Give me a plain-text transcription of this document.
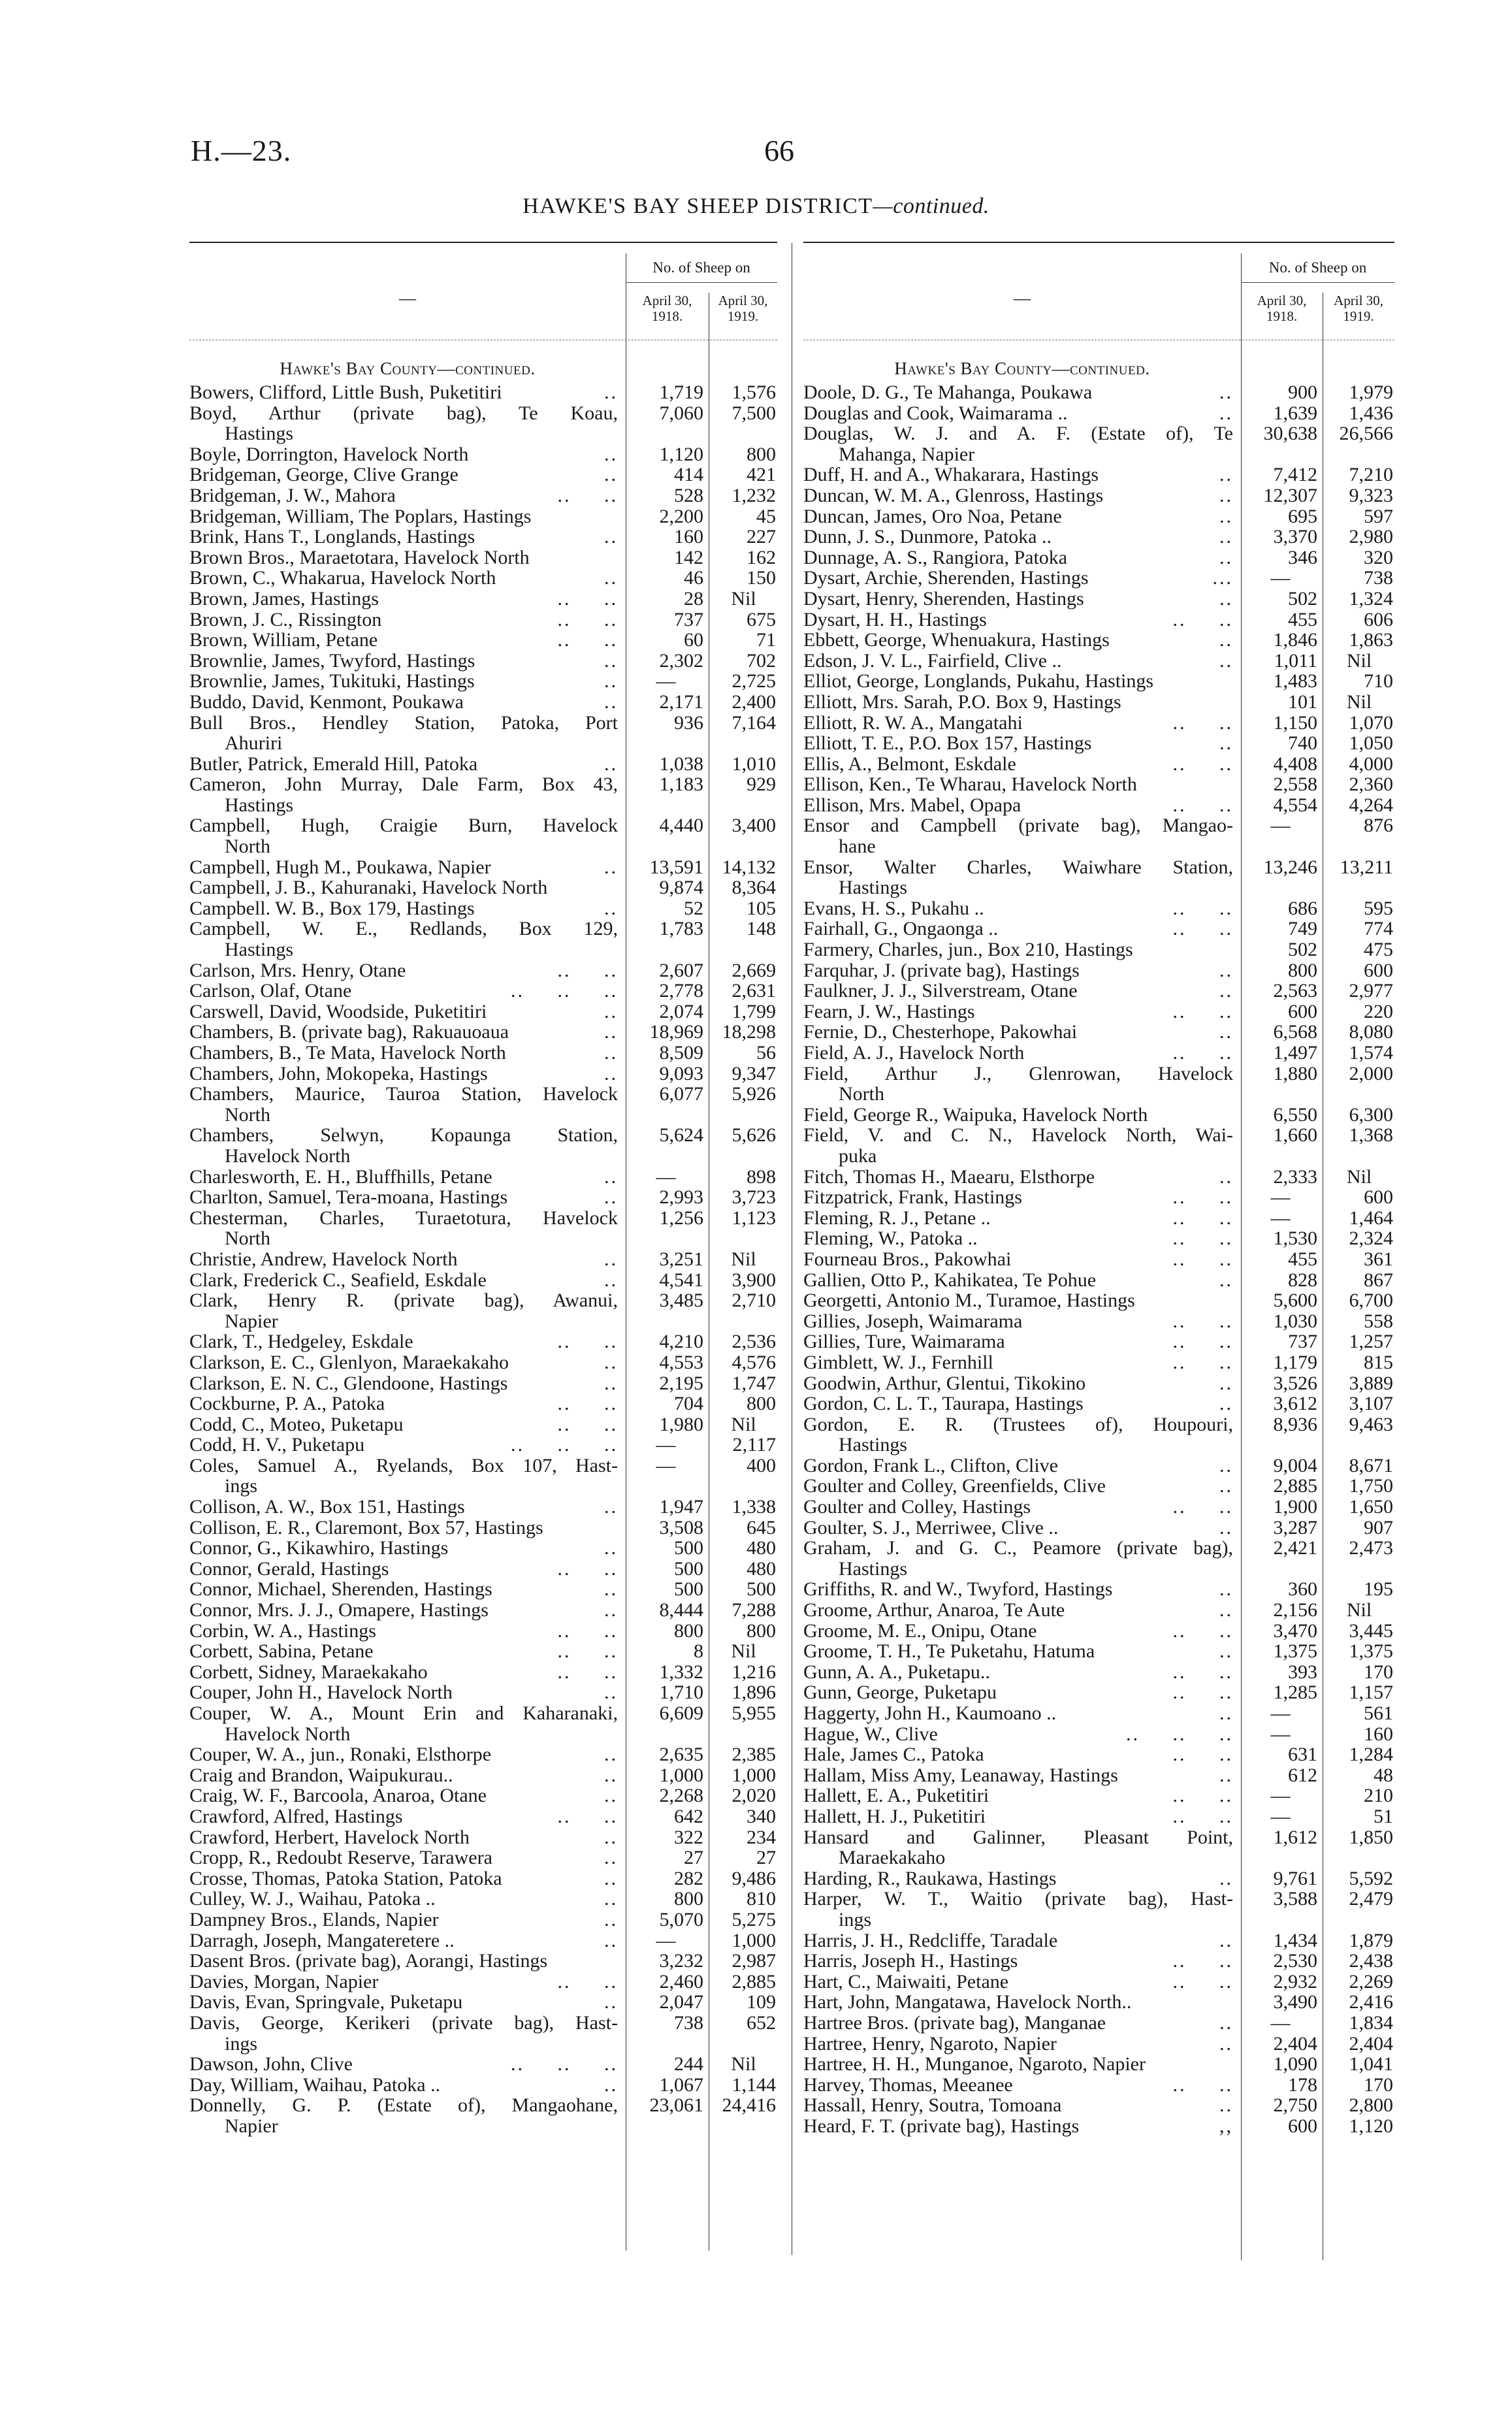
H.—23.	66
HAWKE'S BAY SHEEP DISTRICT—continued.
No. of Sheep on
—	April 30, 1918.
April 30, 1919.
Hawke's Bay County—continued.
Bowers, Clifford, Little Bush, Puketitiri	..	1,719	1,576
Boyd, Arthur (private bag), Te Koau,
Hastings
7,060	7,500
Boyle, Dorrington, Havelock North	..	1,120	800
Bridgeman, George, Clive Grange	..	414	421
Bridgeman, J. W., Mahora	.. ..	528	1,232
Bridgeman, William, The Poplars, Hastings	2,200	45
Brink, Hans T., Longlands, Hastings	..	160	227
Brown Bros., Maraetotara, Havelock North	142	162
Brown, C., Whakarua, Havelock North	..	46	150
Brown, James, Hastings	.. ..	28	Nil
Brown, J. C., Rissington	.. ..	737	675
Brown, William, Petane	.. ..	60	71
Brownlie, James, Twyford, Hastings	..	2,302	702
Brownlie, James, Tukituki, Hastings	..	—	2,725
Buddo, David, Kenmont, Poukawa	..	2,171	2,400
Bull Bros., Hendley Station, Patoka, Port
Ahuriri
936	7,164
Butler, Patrick, Emerald Hill, Patoka	..	1,038	1,010
Cameron, John Murray, Dale Farm, Box 43,
Hastings
1,183	929
Campbell, Hugh, Craigie Burn, Havelock
North
4,440	3,400
Campbell, Hugh M., Poukawa, Napier	..	13,591 14,132
Campbell, J. B., Kahuranaki, Havelock North	9,874	8,364
Campbell. W. B., Box 179, Hastings	..	52	105
Campbell, W. E., Redlands, Box 129,
Hastings
1,783	148
Carlson, Mrs. Henry, Otane	.. ..	2,607	2,669
Carlson, Olaf, Otane	.. .. ..	2,778	2,631
Carswell, David, Woodside, Puketitiri	..	2,074	1,799
Chambers, B. (private bag), Rakuauoaua	..	18,969 18,298
Chambers, B., Te Mata, Havelock North	..	8,509	56
Chambers, John, Mokopeka, Hastings	..	9,093	9,347
Chambers, Maurice, Tauroa Station, Havelock
North
6,077	5,926
Chambers, Selwyn, Kopaunga Station,
Havelock North
5,624	5,626
Charlesworth, E. H., Bluffhills, Petane	..	—	898
Charlton, Samuel, Tera-moana, Hastings	..	2,993	3,723
Chesterman, Charles, Turaetotura, Havelock
North
1,256	1,123
Christie, Andrew, Havelock North	..	3,251	Nil
Clark, Frederick C., Seafield, Eskdale	..	4,541	3,900
Clark, Henry R. (private bag), Awanui,
Napier
3,485	2,710
Clark, T., Hedgeley, Eskdale	.. ..	4,210	2,536
Clarkson, E. C., Glenlyon, Maraekakaho	..	4,553	4,576
Clarkson, E. N. C., Glendoone, Hastings	..	2,195	1,747
Cockburne, P. A., Patoka	.. ..	704	800
Codd, C., Moteo, Puketapu	.. ..	1,980	Nil
Codd, H. V., Puketapu	.. .. ..	—	2,117
Coles, Samuel A., Ryelands, Box 107, Hast-
ings
—	400
Collison, A. W., Box 151, Hastings	..	1,947	1,338
Collison, E. R., Claremont, Box 57, Hastings	3,508	645
Connor, G., Kikawhiro, Hastings	..	500	480
Connor, Gerald, Hastings	.. ..	500	480
Connor, Michael, Sherenden, Hastings	..	500	500
Connor, Mrs. J. J., Omapere, Hastings	..	8,444	7,288
Corbin, W. A., Hastings	.. ..	800	800
Corbett, Sabina, Petane	.. ..	8	Nil
Corbett, Sidney, Maraekakaho	.. ..	1,332	1,216
Couper, John H., Havelock North	..	1,710	1,896
Couper, W. A., Mount Erin and Kaharanaki,
Havelock North
6,609	5,955
Couper, W. A., jun., Ronaki, Elsthorpe	..	2,635	2,385
Craig and Brandon, Waipukurau..	..	1,000	1,000
Craig, W. F., Barcoola, Anaroa, Otane	..	2,268	2,020
Crawford, Alfred, Hastings	.. ..	642	340
Crawford, Herbert, Havelock North	..	322	234
Cropp, R., Redoubt Reserve, Tarawera	..	27	27
Crosse, Thomas, Patoka Station, Patoka	..	282	9,486
Culley, W. J., Waihau, Patoka ..	..	800	810
Dampney Bros., Elands, Napier	..	5,070	5,275
Darragh, Joseph, Mangateretere ..	..	—	1,000
Dasent Bros. (private bag), Aorangi, Hastings	3,232	2,987
Davies, Morgan, Napier	.. ..	2,460	2,885
Davis, Evan, Springvale, Puketapu	..	2,047	109
Davis, George, Kerikeri (private bag), Hast-
ings
738	652
Dawson, John, Clive	.. .. ..	244	Nil
Day, William, Waihau, Patoka ..	..	1,067	1,144
Donnelly, G. P. (Estate of), Mangaohane,
Napier
23,061 24,416
No. of Sheep on
—	April 30, 1918.
April 30, 1919.
Hawke's Bay County—continued.
Doole, D. G., Te Mahanga, Poukawa	..	900	1,979
Douglas and Cook, Waimarama ..	..	1,639	1,436
Douglas, W. J. and A. F. (Estate of), Te
Mahanga, Napier
30,638	26,566
Duff, H. and A., Whakarara, Hastings	..	7,412	7,210
Duncan, W. M. A., Glenross, Hastings	..	12,307	9,323
Duncan, James, Oro Noa, Petane	..	695	597
Dunn, J. S., Dunmore, Patoka ..	..	3,370	2,980
Dunnage, A. S., Rangiora, Patoka	..	346	320
Dysart, Archie, Sherenden, Hastings	...	—	738
Dysart, Henry, Sherenden, Hastings	..	502	1,324
Dysart, H. H., Hastings	.. ..	455	606
Ebbett, George, Whenuakura, Hastings	..	1,846	1,863
Edson, J. V. L., Fairfield, Clive ..	..	1,011	Nil
Elliot, George, Longlands, Pukahu, Hastings	1,483	710
Elliott, Mrs. Sarah, P.O. Box 9, Hastings	101	Nil
Elliott, R. W. A., Mangatahi	.. ..	1,150	1,070
Elliott, T. E., P.O. Box 157, Hastings	..	740	1,050
Ellis, A., Belmont, Eskdale	.. ..	4,408	4,000
Ellison, Ken., Te Wharau, Havelock North	2,558	2,360
Ellison, Mrs. Mabel, Opapa	.. ..	4,554	4,264
Ensor and Campbell (private bag), Mangao-
hane
—	876
Ensor, Walter Charles, Waiwhare Station,
Hastings
13,246	13,211
Evans, H. S., Pukahu ..	.. ..	686	595
Fairhall, G., Ongaonga ..	.. ..	749	774
Farmery, Charles, jun., Box 210, Hastings	502	475
Farquhar, J. (private bag), Hastings	..	800	600
Faulkner, J. J., Silverstream, Otane	..	2,563	2,977
Fearn, J. W., Hastings	.. ..	600	220
Fernie, D., Chesterhope, Pakowhai	..	6,568	8,080
Field, A. J., Havelock North	.. ..	1,497	1,574
Field, Arthur J., Glenrowan, Havelock
North
1,880	2,000
Field, George R., Waipuka, Havelock North	6,550	6,300
Field, V. and C. N., Havelock North, Wai-
puka
1,660	1,368
Fitch, Thomas H., Maearu, Elsthorpe	..	2,333	Nil
Fitzpatrick, Frank, Hastings	.. ..	—	600
Fleming, R. J., Petane ..	.. ..	—	1,464
Fleming, W., Patoka ..	.. ..	1,530	2,324
Fourneau Bros., Pakowhai	.. ..	455	361
Gallien, Otto P., Kahikatea, Te Pohue	..	828	867
Georgetti, Antonio M., Turamoe, Hastings	5,600	6,700
Gillies, Joseph, Waimarama	.. ..	1,030	558
Gillies, Ture, Waimarama	.. ..	737	1,257
Gimblett, W. J., Fernhill	.. ..	1,179	815
Goodwin, Arthur, Glentui, Tikokino	..	3,526	3,889
Gordon, C. L. T., Taurapa, Hastings	..	3,612	3,107
Gordon, E. R. (Trustees of), Houpouri,
Hastings
8,936	9,463
Gordon, Frank L., Clifton, Clive	..	9,004	8,671
Goulter and Colley, Greenfields, Clive	..	2,885	1,750
Goulter and Colley, Hastings	.. ..	1,900	1,650
Goulter, S. J., Merriwee, Clive ..	..	3,287	907
Graham, J. and G. C., Peamore (private bag),
Hastings
2,421	2,473
Griffiths, R. and W., Twyford, Hastings	..	360	195
Groome, Arthur, Anaroa, Te Aute	..	2,156	Nil
Groome, M. E., Onipu, Otane	.. ..	3,470	3,445
Groome, T. H., Te Puketahu, Hatuma	..	1,375	1,375
Gunn, A. A., Puketapu..	.. ..	393	170
Gunn, George, Puketapu	.. ..	1,285	1,157
Haggerty, John H., Kaumoano ..	..	—	561
Hague, W., Clive	.. .. ..	—	160
Hale, James C., Patoka	.. ..	631	1,284
Hallam, Miss Amy, Leanaway, Hastings	..	612	48
Hallett, E. A., Puketitiri	.. ..	—	210
Hallett, H. J., Puketitiri	.. ..	—	51
Hansard and Galinner, Pleasant Point,
Maraekakaho
1,612	1,850
Harding, R., Raukawa, Hastings	..	9,761	5,592
Harper, W. T., Waitio (private bag), Hast-
ings
3,588	2,479
Harris, J. H., Redcliffe, Taradale	..	1,434	1,879
Harris, Joseph H., Hastings	.. ..	2,530	2,438
Hart, C., Maiwaiti, Petane	.. ..	2,932	2,269
Hart, John, Mangatawa, Havelock North..	3,490	2,416
Hartree Bros. (private bag), Manganae	..	—	1,834
Hartree, Henry, Ngaroto, Napier	..	2,404	2,404
Hartree, H. H., Munganoe, Ngaroto, Napier	1,090	1,041
Harvey, Thomas, Meeanee	.. ..	178	170
Hassall, Henry, Soutra, Tomoana	..	2,750	2,800
Heard, F. T. (private bag), Hastings	,,	600	1,120
